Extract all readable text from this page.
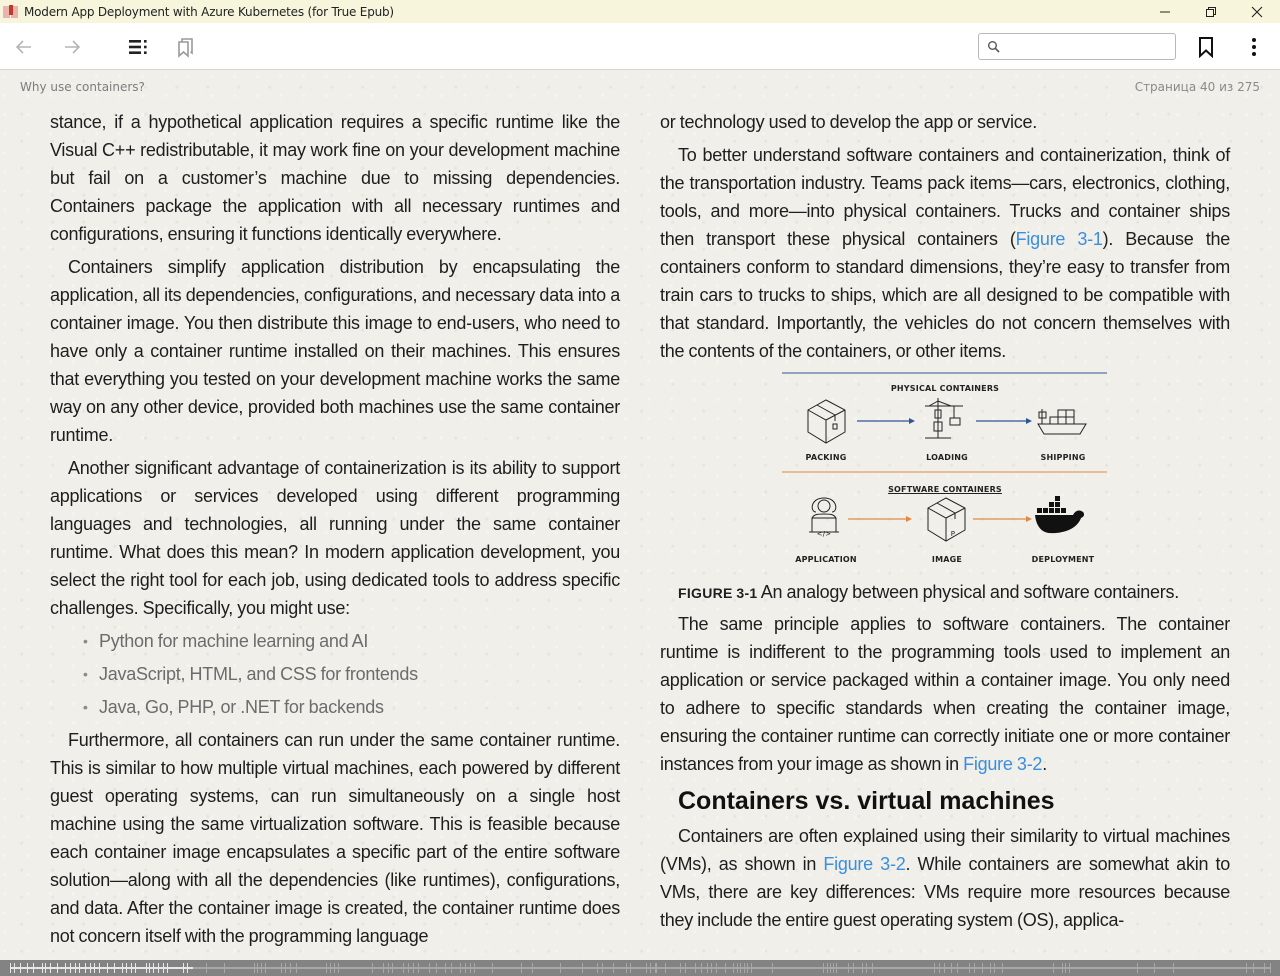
Modern App Deployment with Azure Kubernetes (for True Epub)
Why use containers?	Страница 40 из 275

stance, if a hypothetical application requires a specific runtime like the Visual C++ redistributable, it may work fine on your development machine but fail on a customer’s machine due to missing dependencies. Containers package the application with all necessary runtimes and configurations, ensuring it functions identically everywhere.

Containers simplify application distribution by encapsulating the application, all its dependencies, configurations, and necessary data into a container image. You then distribute this image to end-users, who need to have only a container runtime installed on their machines. This ensures that everything you tested on your development machine works the same way on any other device, provided both machines use the same container runtime.

Another significant advantage of containerization is its ability to support applications or services developed using different programming languages and technologies, all running under the same container runtime. What does this mean? In modern application development, you select the right tool for each job, using dedicated tools to address specific challenges. Specifically, you might use:

• Python for machine learning and AI
• JavaScript, HTML, and CSS for frontends
• Java, Go, PHP, or .NET for backends

Furthermore, all containers can run under the same container runtime. This is similar to how multiple virtual machines, each powered by different guest operating systems, can run simultaneously on a single host machine using the same virtualization software. This is feasible because each container image encapsulates a specific part of the entire software solution—along with all the dependencies (like runtimes), configurations, and data. After the container image is created, the container runtime does not concern itself with the programming language

or technology used to develop the app or service.

To better understand software containers and containerization, think of the transportation industry. Teams pack items—cars, electronics, clothing, tools, and more—into physical containers. Trucks and container ships then transport these physical containers (Figure 3-1). Because the containers conform to standard dimensions, they’re easy to transfer from train cars to trucks to ships, which are all designed to be compatible with that standard. Importantly, the vehicles do not concern themselves with the contents of the containers, or other items.

PHYSICAL CONTAINERS
PACKING	LOADING	SHIPPING
SOFTWARE CONTAINERS
</>	P
APPLICATION	IMAGE	DEPLOYMENT

FIGURE 3-1 An analogy between physical and software containers.

The same principle applies to software containers. The container runtime is indifferent to the programming tools used to implement an application or service packaged within a container image. You only need to adhere to specific standards when creating the container image, ensuring the container runtime can correctly initiate one or more container instances from your image as shown in Figure 3-2.

Containers vs. virtual machines

Containers are often explained using their similarity to virtual machines (VMs), as shown in Figure 3-2. While containers are somewhat akin to VMs, there are key differences: VMs require more resources because they include the entire guest operating system (OS), applica-
